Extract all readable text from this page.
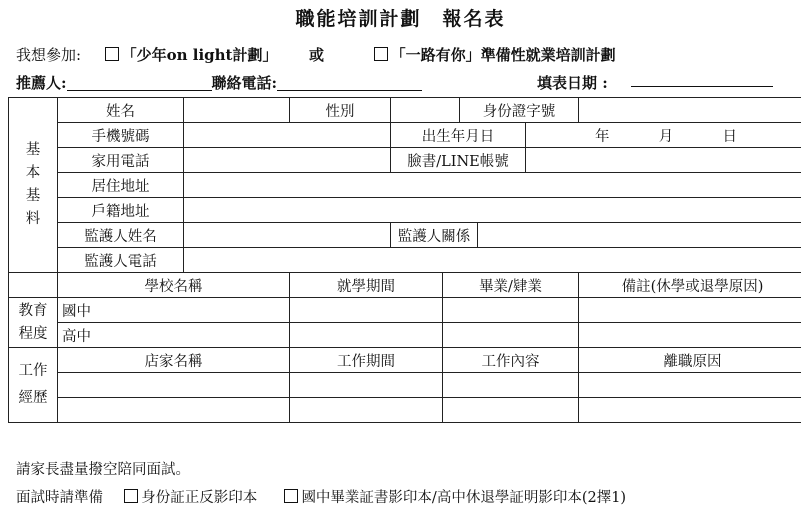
職能培訓計劃　報名表
我想參加:	「少年on light計劃」 或	「一路有你」準備性就業培訓計劃
推薦人:	聯絡電話:	填表日期 :
基
本
基
料	姓名		性別			身份證字號			
	手機號碼			出生年月日				年 月 日	
	家用電話			臉書/LINE帳號					
	居住地址								
	戶籍地址								
	監護人姓名			監護人關係					
	監護人電話								
	學校名稱		就學期間		畢業/肄業				備註(休學或退學原因)

教育
程度	國中								
	高中								

工作
經歷	店家名稱		工作期間		工作內容				離職原因

請家長盡量撥空陪同面試。
面試時請準備	身份証正反影印本	國中畢業証書影印本/高中休退學証明影印本(2擇1)
